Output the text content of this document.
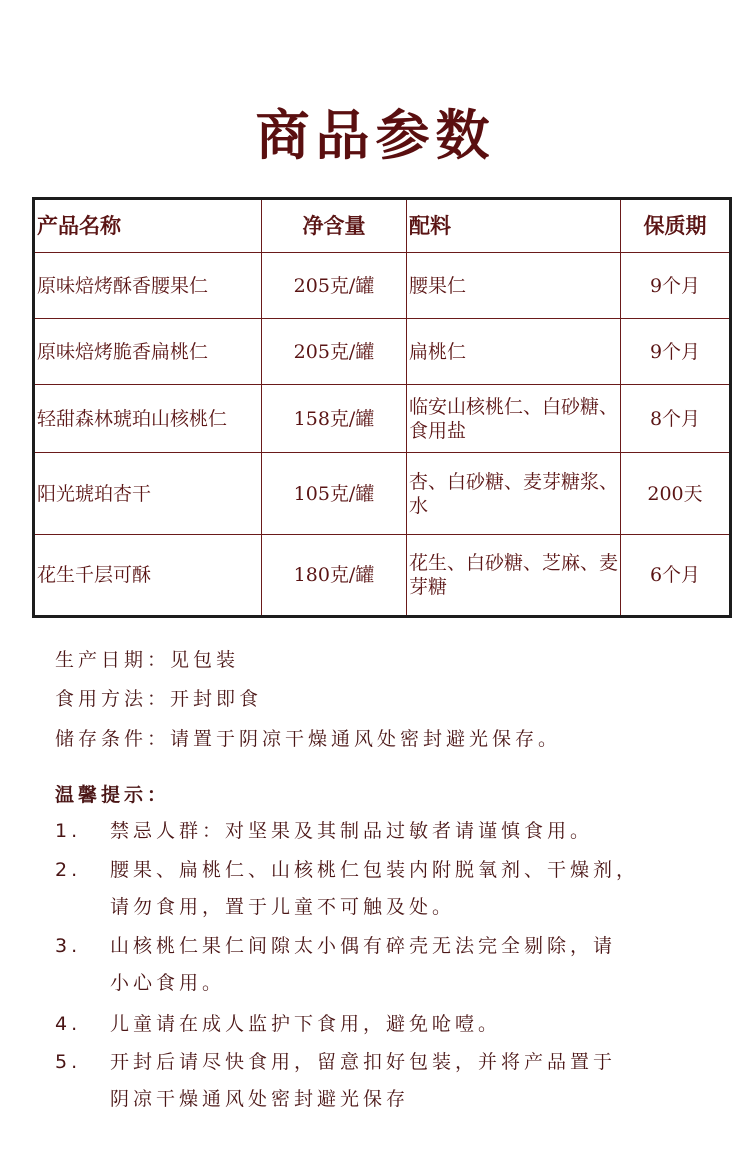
商品参数
产品名称	净含量	配料	保质期
原味焙烤酥香腰果仁	205克/罐	腰果仁	9个月
原味焙烤脆香扁桃仁	205克/罐	扁桃仁	9个月
轻甜森林琥珀山核桃仁	158克/罐	临安山核桃仁、白砂糖、食用盐	8个月
阳光琥珀杏干	105克/罐	杏、白砂糖、麦芽糖浆、水	200天
花生千层可酥	180克/罐	花生、白砂糖、芝麻、麦芽糖	6个月
生产日期：见包装
食用方法：开封即食
储存条件：请置于阴凉干燥通风处密封避光保存。
温馨提示：
1. 禁忌人群：对坚果及其制品过敏者请谨慎食用。
2. 腰果、扁桃仁、山核桃仁包装内附脱氧剂、干燥剂，
请勿食用，置于儿童不可触及处。
3. 山核桃仁果仁间隙太小偶有碎壳无法完全剔除，请
小心食用。
4. 儿童请在成人监护下食用，避免呛噎。
5. 开封后请尽快食用，留意扣好包装，并将产品置于
阴凉干燥通风处密封避光保存
